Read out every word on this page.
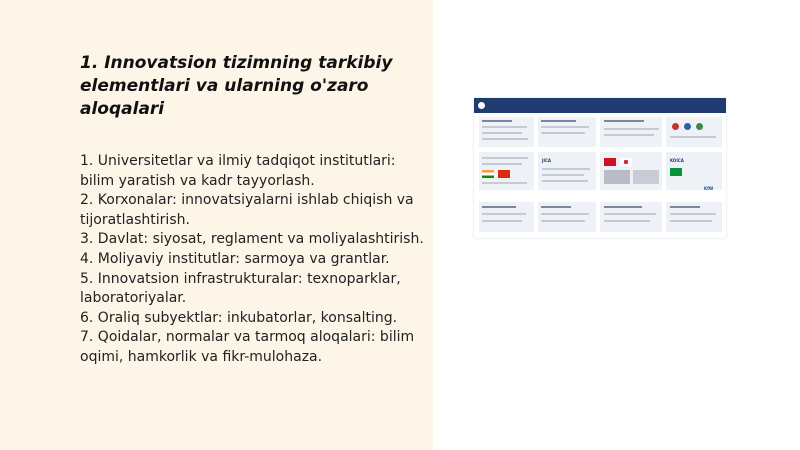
1. Innovatsion tizimning tarkibiy elementlari va ularning o'zaro aloqalari
1. Universitetlar va ilmiy tadqiqot institutlari: bilim yaratish va kadr tayyorlash.
2. Korxonalar: innovatsiyalarni ishlab chiqish va tijoratlashtirish.
3. Davlat: siyosat, reglament va moliyalashtirish.
4. Moliyaviy institutlar: sarmoya va grantlar.
5. Innovatsion infrastrukturalar: texnoparklar, laboratoriyalar.
6. Oraliq subyektlar: inkubatorlar, konsalting.
7. Qoidalar, normalar va tarmoq aloqalari: bilim oqimi, hamkorlik va fikr-mulohaza.
JICA	KOICA
KfW
